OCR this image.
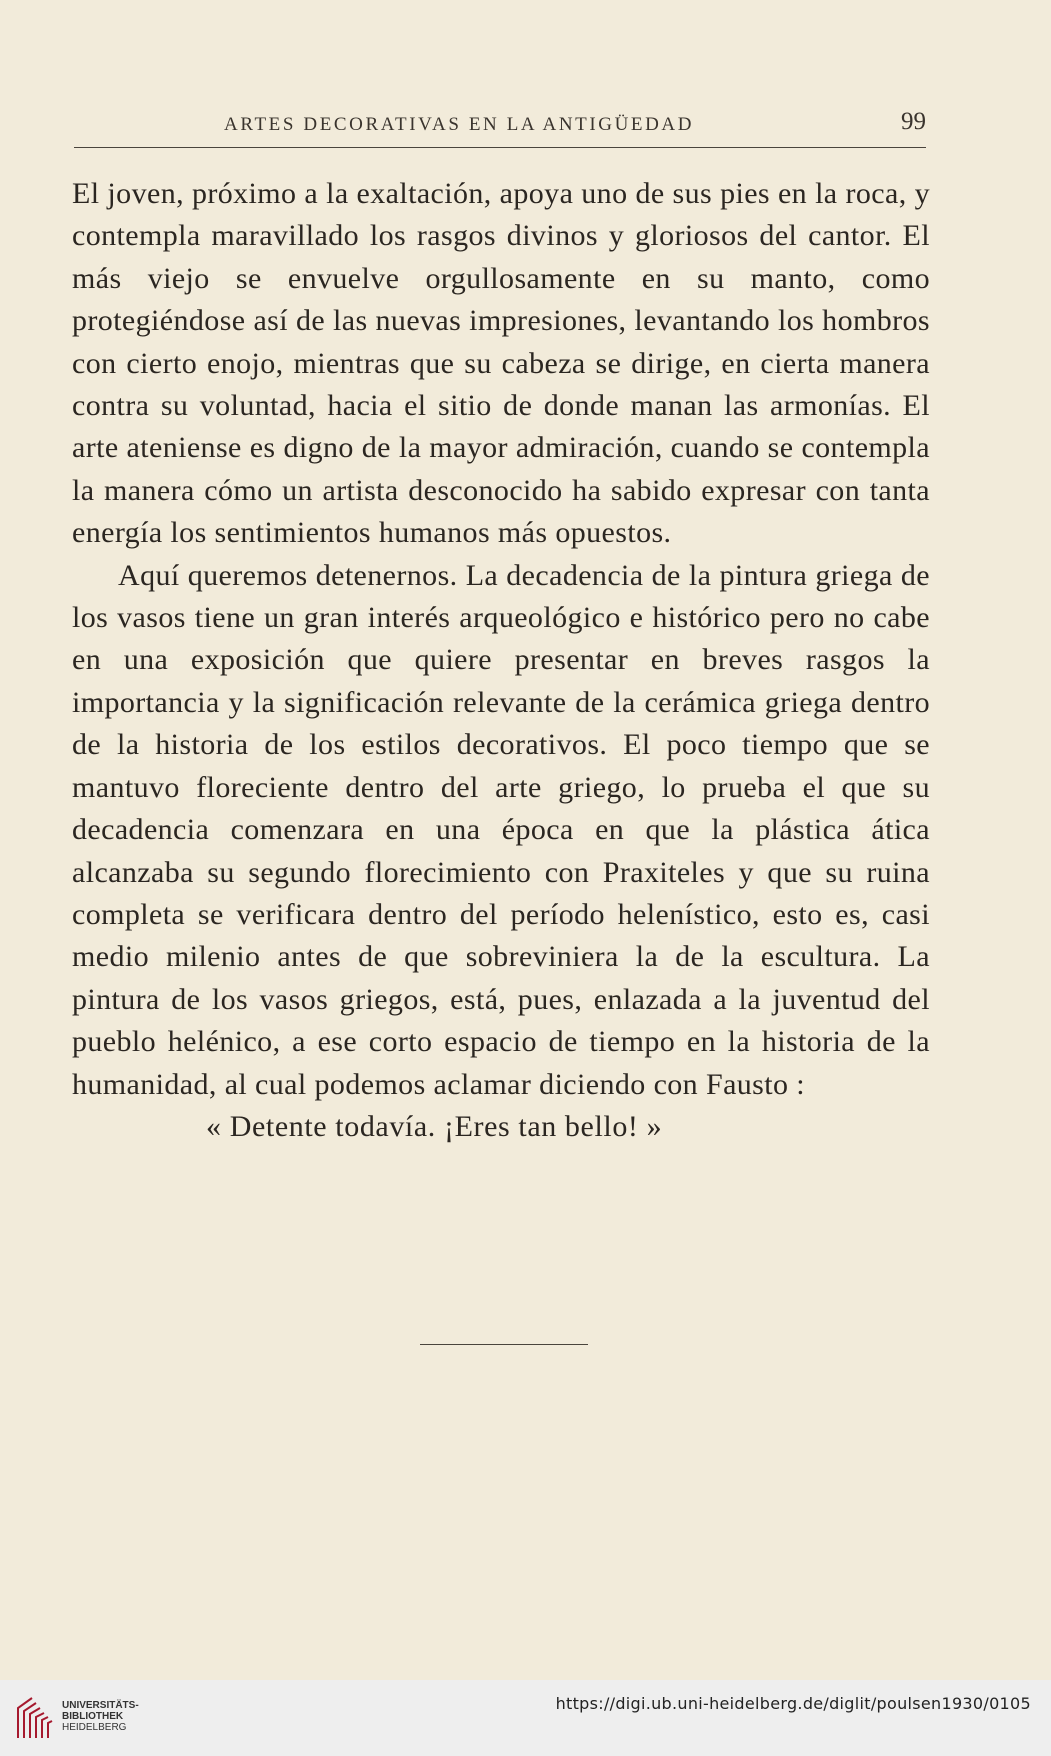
ARTES DECORATIVAS EN LA ANTIGÜEDAD	99

El joven, próximo a la exaltación, apoya uno de sus pies en la roca, y contempla maravillado los rasgos divinos y gloriosos del cantor. El más viejo se envuelve orgullosamente en su manto, como protegiéndose así de las nuevas impresiones, levantando los hombros con cierto enojo, mientras que su cabeza se dirige, en cierta manera contra su voluntad, hacia el sitio de donde manan las armonías. El arte ateniense es digno de la mayor admiración, cuando se contempla la manera cómo un artista desconocido ha sabido expresar con tanta energía los sentimientos humanos más opuestos.

Aquí queremos detenernos. La decadencia de la pintura griega de los vasos tiene un gran interés arqueológico e histórico pero no cabe en una exposición que quiere presentar en breves rasgos la importancia y la significación relevante de la cerámica griega dentro de la historia de los estilos decorativos. El poco tiempo que se mantuvo floreciente dentro del arte griego, lo prueba el que su decadencia comenzara en una época en que la plástica ática alcanzaba su segundo florecimiento con Praxiteles y que su ruina completa se verificara dentro del período helenístico, esto es, casi medio milenio antes de que sobreviniera la de la escultura. La pintura de los vasos griegos, está, pues, enlazada a la juventud del pueblo helénico, a ese corto espacio de tiempo en la historia de la humanidad, al cual podemos aclamar diciendo con Fausto :

« Detente todavía. ¡Eres tan bello! »

UNIVERSITÄTS-
BIBLIOTHEK
HEIDELBERG
https://digi.ub.uni-heidelberg.de/diglit/poulsen1930/0105
